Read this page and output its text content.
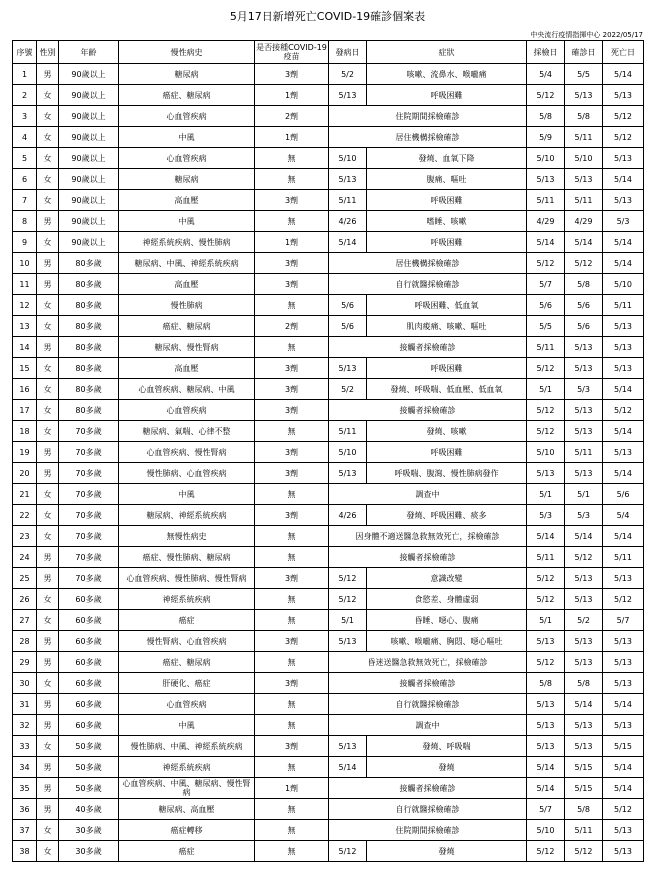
5月17日新增死亡COVID-19確診個案表
中央流行疫情指揮中心 2022/05/17
序號	性別	年齡	慢性病史	是否接種COVID-19疫苗	發病日	症狀	採檢日	確診日	死亡日
1	男	90歲以上	糖尿病	3劑	5/2	咳嗽、流鼻水、喉嚨痛	5/4	5/5	5/14
2	女	90歲以上	癌症、糖尿病	1劑	5/13	呼吸困難	5/12	5/13	5/13
3	女	90歲以上	心血管疾病	2劑	住院期間採檢確診		5/8	5/8	5/12
4	女	90歲以上	中風	1劑	居住機構採檢確診		5/9	5/11	5/12
5	女	90歲以上	心血管疾病	無	5/10	發燒、血氧下降	5/10	5/10	5/13
6	女	90歲以上	糖尿病	無	5/13	腹痛、嘔吐	5/13	5/13	5/14
7	女	90歲以上	高血壓	3劑	5/11	呼吸困難	5/11	5/11	5/13
8	男	90歲以上	中風	無	4/26	嗜睡、咳嗽	4/29	4/29	5/3
9	女	90歲以上	神經系統疾病、慢性肺病	1劑	5/14	呼吸困難	5/14	5/14	5/14
10	男	80多歲	糖尿病、中風、神經系統疾病	3劑	居住機構採檢確診		5/12	5/12	5/14
11	男	80多歲	高血壓	3劑	自行就醫採檢確診		5/7	5/8	5/10
12	女	80多歲	慢性肺病	無	5/6	呼吸困難、低血氧	5/6	5/6	5/11
13	女	80多歲	癌症、糖尿病	2劑	5/6	肌肉痠痛、咳嗽、嘔吐	5/5	5/6	5/13
14	男	80多歲	糖尿病、慢性腎病	無	接觸者採檢確診		5/11	5/13	5/13
15	女	80多歲	高血壓	3劑	5/13	呼吸困難	5/12	5/13	5/13
16	女	80多歲	心血管疾病、糖尿病、中風	3劑	5/2	發燒、呼吸喘、低血壓、低血氧	5/1	5/3	5/14
17	女	80多歲	心血管疾病	3劑	接觸者採檢確診		5/12	5/13	5/12
18	女	70多歲	糖尿病、氣喘、心律不整	無	5/11	發燒、咳嗽	5/12	5/13	5/14
19	男	70多歲	心血管疾病、慢性腎病	3劑	5/10	呼吸困難	5/10	5/11	5/13
20	男	70多歲	慢性肺病、心血管疾病	3劑	5/13	呼吸喘、腹瀉、慢性肺病發作	5/13	5/13	5/14
21	女	70多歲	中風	無	調查中		5/1	5/1	5/6
22	女	70多歲	糖尿病、神經系統疾病	3劑	4/26	發燒、呼吸困難、痰多	5/3	5/3	5/4
23	女	70多歲	無慢性病史	無	因身體不適送醫急救無效死亡，採檢確診		5/14	5/14	5/14
24	男	70多歲	癌症、慢性肺病、糖尿病	無	接觸者採檢確診		5/11	5/12	5/11
25	男	70多歲	心血管疾病、慢性肺病、慢性腎病	3劑	5/12	意識改變	5/12	5/13	5/13
26	女	60多歲	神經系統疾病	無	5/12	食慾差、身體虛弱	5/12	5/13	5/12
27	女	60多歲	癌症	無	5/1	昏睡、噁心、腹痛	5/1	5/2	5/7
28	男	60多歲	慢性腎病、心血管疾病	3劑	5/13	咳嗽、喉嚨痛、胸悶、噁心嘔吐	5/13	5/13	5/13
29	男	60多歲	癌症、糖尿病	無	昏迷送醫急救無效死亡，採檢確診		5/12	5/13	5/13
30	女	60多歲	肝硬化、癌症	3劑	接觸者採檢確診		5/8	5/8	5/13
31	男	60多歲	心血管疾病	無	自行就醫採檢確診		5/13	5/14	5/14
32	男	60多歲	中風	無	調查中		5/13	5/13	5/13
33	女	50多歲	慢性肺病、中風、神經系統疾病	3劑	5/13	發燒、呼吸喘	5/13	5/13	5/15
34	男	50多歲	神經系統疾病	無	5/14	發燒	5/14	5/15	5/14
35	男	50多歲	心血管疾病、中風、糖尿病、慢性腎病	1劑	接觸者採檢確診		5/14	5/15	5/14
36	男	40多歲	糖尿病、高血壓	無	自行就醫採檢確診		5/7	5/8	5/12
37	女	30多歲	癌症轉移	無	住院期間採檢確診		5/10	5/11	5/13
38	女	30多歲	癌症	無	5/12	發燒	5/12	5/12	5/13
